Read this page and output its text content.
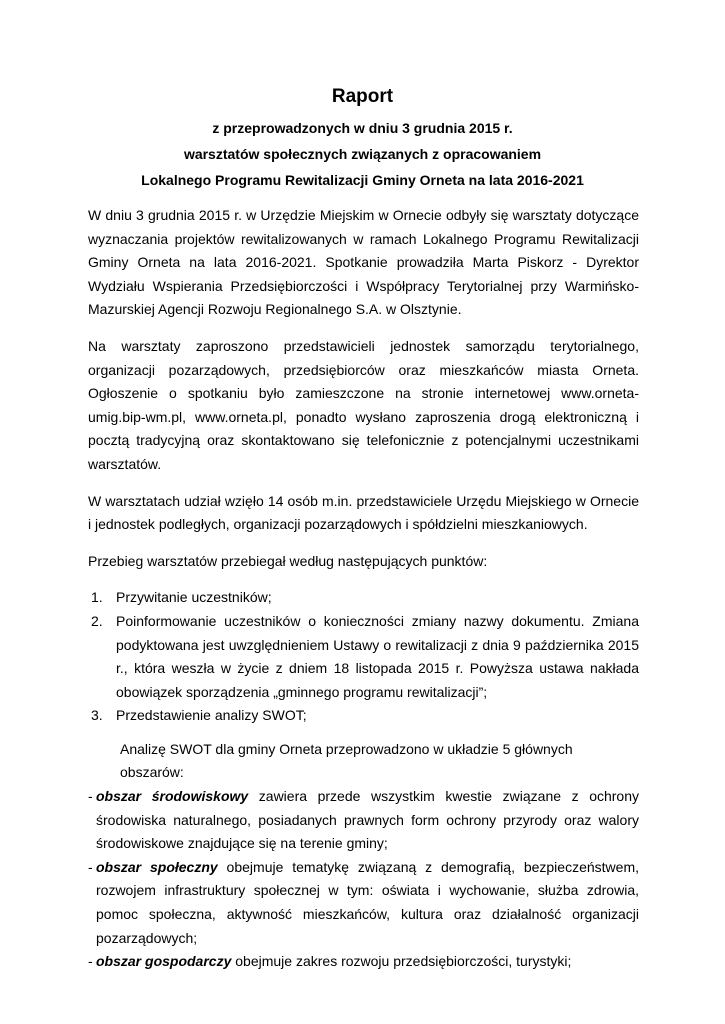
Raport

z przeprowadzonych w dniu 3 grudnia 2015 r.

warsztatów społecznych związanych z opracowaniem

Lokalnego Programu Rewitalizacji Gminy Orneta na lata 2016-2021

W dniu 3 grudnia 2015 r. w Urzędzie Miejskim w Ornecie odbyły się warsztaty dotyczące wyznaczania projektów rewitalizowanych w ramach Lokalnego Programu Rewitalizacji Gminy Orneta na lata 2016-2021. Spotkanie prowadziła Marta Piskorz - Dyrektor Wydziału Wspierania Przedsiębiorczości i Współpracy Terytorialnej przy Warmińsko-Mazurskiej Agencji Rozwoju Regionalnego S.A. w Olsztynie.

Na warsztaty zaproszono przedstawicieli jednostek samorządu terytorialnego, organizacji pozarządowych, przedsiębiorców oraz mieszkańców miasta Orneta. Ogłoszenie o spotkaniu było zamieszczone na stronie internetowej www.orneta-umig.bip-wm.pl, www.orneta.pl, ponadto wysłano zaproszenia drogą elektroniczną i pocztą tradycyjną oraz skontaktowano się telefonicznie z potencjalnymi uczestnikami warsztatów.

W warsztatach udział wzięło 14 osób m.in. przedstawiciele Urzędu Miejskiego w Ornecie i jednostek podległych, organizacji pozarządowych i spółdzielni mieszkaniowych.

Przebieg warsztatów przebiegał według następujących punktów:

1. Przywitanie uczestników;
2. Poinformowanie uczestników o konieczności zmiany nazwy dokumentu. Zmiana podyktowana jest uwzględnieniem Ustawy o rewitalizacji z dnia 9 października 2015 r., która weszła w życie z dniem 18 listopada 2015 r. Powyższa ustawa nakłada obowiązek sporządzenia „gminnego programu rewitalizacji”;
3. Przedstawienie analizy SWOT;

Analizę SWOT dla gminy Orneta przeprowadzono w układzie 5 głównych obszarów:

- obszar środowiskowy zawiera przede wszystkim kwestie związane z ochrony środowiska naturalnego, posiadanych prawnych form ochrony przyrody oraz walory środowiskowe znajdujące się na terenie gminy;

- obszar społeczny obejmuje tematykę związaną z demografią, bezpieczeństwem, rozwojem infrastruktury społecznej w tym: oświata i wychowanie, służba zdrowia, pomoc społeczna, aktywność mieszkańców, kultura oraz działalność organizacji pozarządowych;

- obszar gospodarczy obejmuje zakres rozwoju przedsiębiorczości, turystyki;
